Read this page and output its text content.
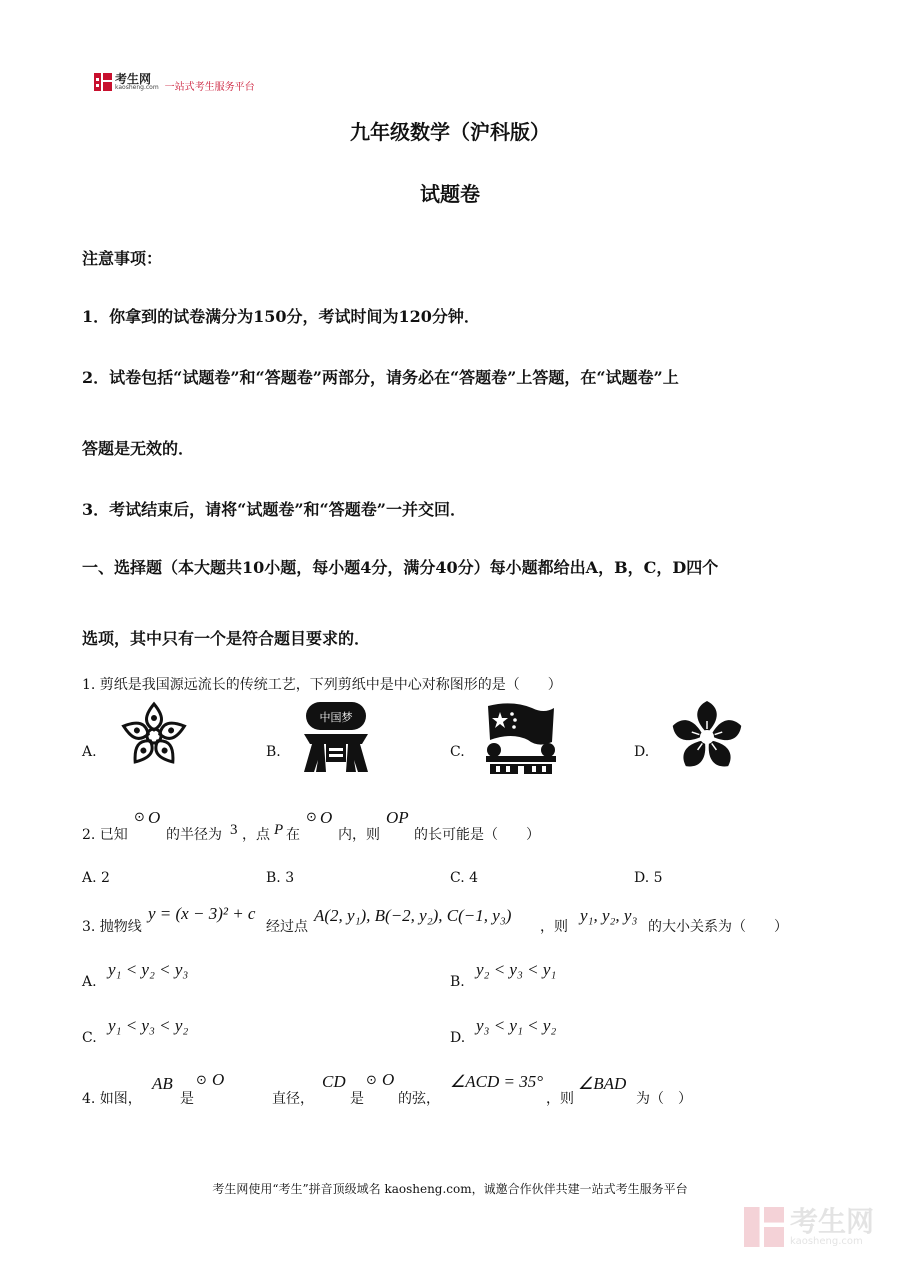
考生网
kaosheng.com 一站式考生服务平台
九年级数学（沪科版）
试题卷
注意事项：
1．你拿到的试卷满分为150分，考试时间为120分钟．
2．试卷包括“试题卷”和“答题卷”两部分，请务必在“答题卷”上答题，在“试题卷”上
答题是无效的．
3．考试结束后，请将“试题卷”和“答题卷”一并交回．
一、选择题（本大题共10小题，每小题4分，满分40分）每小题都给出A，B，C，D四个
选项，其中只有一个是符合题目要求的．
1. 剪纸是我国源远流长的传统工艺，下列剪纸中是中心对称图形的是（　　）
A.	B.
中国梦
C.	D.
2. 已知
⊙ O
的半径为 3 ，点 P 在
⊙ O
内，则
OP
的长可能是（　　）
A. 2	B. 3	C. 4	D. 5
3. 抛物线
y = (x − 3)² + c
经过点
A(2, y₁), B(−2, y₂), C(−1, y₃)
，则
y₁, y₂, y₃
的大小关系为（　　）
A.
y₁ < y₂ < y₃
B.
y₂ < y₃ < y₁
C.
y₁ < y₃ < y₂
D.
y₃ < y₁ < y₂
4. 如图，
AB
是
⊙ O
直径，
CD
是
⊙ O
的弦，
∠ACD = 35°
，则
∠BAD
为（　）
考生网使用“考生”拼音顶级域名 kaosheng.com，诚邀合作伙伴共建一站式考生服务平台
考生网
kaosheng.com
